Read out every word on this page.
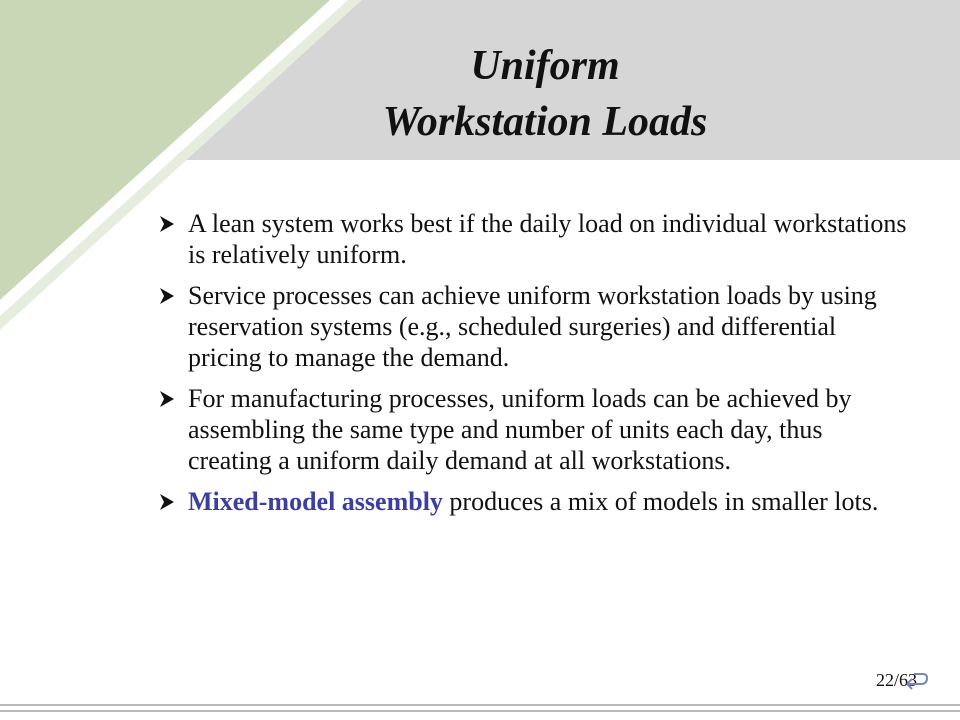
Uniform
Workstation Loads
A lean system works best if the daily load on individual workstations is relatively uniform.
Service processes can achieve uniform workstation loads by using reservation systems (e.g., scheduled surgeries) and differential pricing to manage the demand.
For manufacturing processes, uniform loads can be achieved by assembling the same type and number of units each day, thus creating a uniform daily demand at all workstations.
Mixed-model assembly produces a mix of models in smaller lots.
22/63
